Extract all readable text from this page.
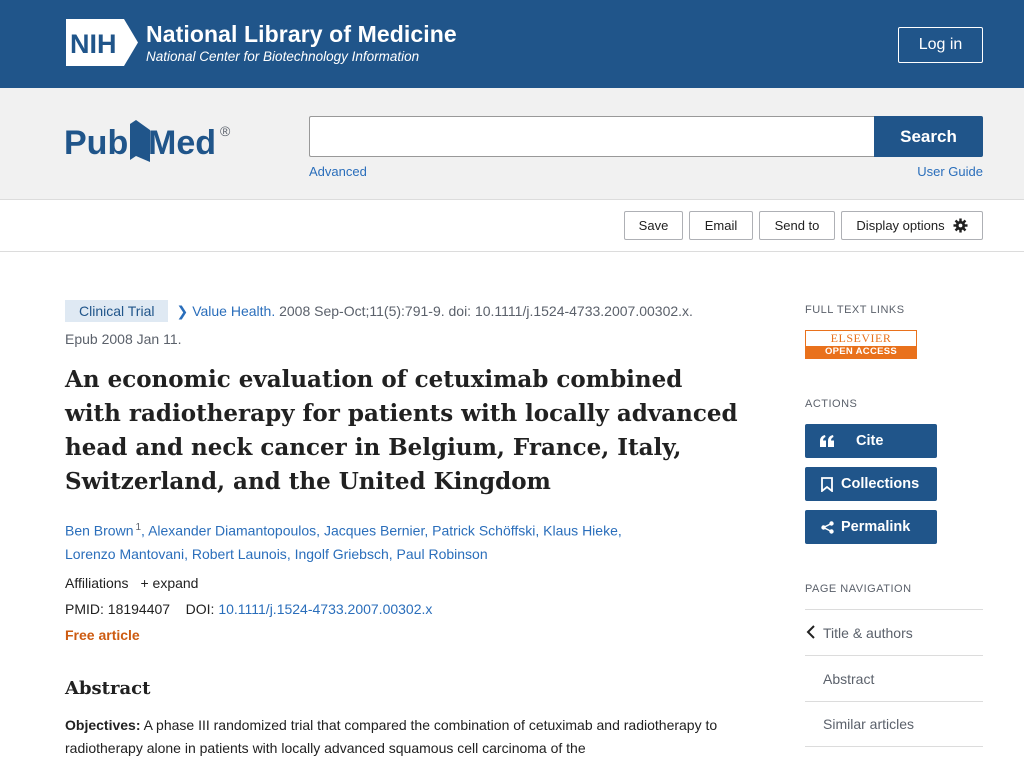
NIH National Library of Medicine
National Center for Biotechnology Information
Log in
Pub Med ®	Search
Advanced	User Guide
Save	Email	Send to	Display options
Clinical Trial ❯ Value Health. 2008 Sep-Oct;11(5):791-9. doi: 10.1111/j.1524-4733.2007.00302.x.
Epub 2008 Jan 11.
An economic evaluation of cetuximab combined with radiotherapy for patients with locally advanced head and neck cancer in Belgium, France, Italy, Switzerland, and the United Kingdom
Ben Brown $^1$, Alexander Diamantopoulos, Jacques Bernier, Patrick Schöffski, Klaus Hieke,
Lorenzo Mantovani, Robert Launois, Ingolf Griebsch, Paul Robinson
Affiliations + expand
PMID: 18194407 DOI: 10.1111/j.1524-4733.2007.00302.x
Free article
Abstract

Objectives: A phase III randomized trial that compared the combination of cetuximab and radiotherapy to radiotherapy alone in patients with locally advanced squamous cell carcinoma of the

FULL TEXT LINKS
ELSEVIER
OPEN ACCESS
ACTIONS
Cite
Collections
Permalink
PAGE NAVIGATION
Title & authors
Abstract
Similar articles
